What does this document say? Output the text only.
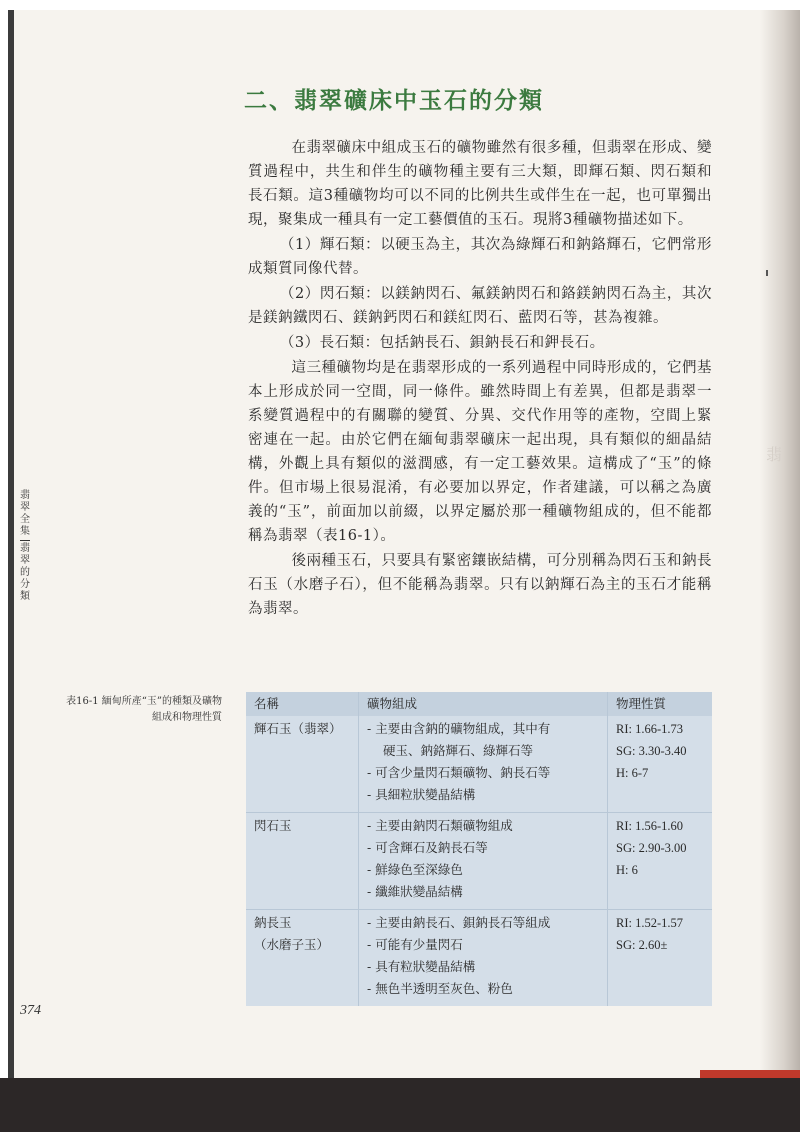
翡
二、翡翠礦床中玉石的分類

在翡翠礦床中組成玉石的礦物雖然有很多種，但翡翠在形成、變質過程中，共生和伴生的礦物種主要有三大類，即輝石類、閃石類和長石類。這3種礦物均可以不同的比例共生或伴生在一起，也可單獨出現，聚集成一種具有一定工藝價值的玉石。現將3種礦物描述如下。

（1）輝石類：以硬玉為主，其次為綠輝石和鈉鉻輝石，它們常形成類質同像代替。

（2）閃石類：以鎂鈉閃石、氟鎂鈉閃石和鉻鎂鈉閃石為主，其次是鎂鈉鐵閃石、鎂鈉鈣閃石和鎂紅閃石、藍閃石等，甚為複雜。

（3）長石類：包括鈉長石、鋇鈉長石和鉀長石。

這三種礦物均是在翡翠形成的一系列過程中同時形成的，它們基本上形成於同一空間，同一條件。雖然時間上有差異，但都是翡翠一系變質過程中的有關聯的變質、分異、交代作用等的產物，空間上緊密連在一起。由於它們在緬甸翡翠礦床一起出現，具有類似的細晶結構，外觀上具有類似的滋潤感，有一定工藝效果。這構成了“玉”的條件。但市場上很易混淆，有必要加以界定，作者建議，可以稱之為廣義的“玉”，前面加以前綴，以界定屬於那一種礦物組成的，但不能都稱為翡翠（表16-1）。

後兩種玉石，只要具有緊密鑲嵌結構，可分別稱為閃石玉和鈉長石玉（水磨子石），但不能稱為翡翠。只有以鈉輝石為主的玉石才能稱為翡翠。

翡翠全集
翡翠的分類
表16-1 緬甸所產“玉”的種類及礦物組成和物理性質
名稱	礦物組成	物理性質
輝石玉（翡翠）	- 主要由含鈉的礦物組成，其中有
硬玉、鈉鉻輝石、綠輝石等
- 可含少量閃石類礦物、鈉長石等
- 具細粒狀變晶結構	RI: 1.66-1.73
SG: 3.30-3.40
H: 6-7

閃石玉	- 主要由鈉閃石類礦物組成
- 可含輝石及鈉長石等
- 鮮綠色至深綠色
- 纖維狀變晶結構	RI: 1.56-1.60
SG: 2.90-3.00
H: 6

鈉長玉
（水磨子玉）	- 主要由鈉長石、鋇鈉長石等組成
- 可能有少量閃石
- 具有粒狀變晶結構
- 無色半透明至灰色、粉色	RI: 1.52-1.57
SG: 2.60±
374
